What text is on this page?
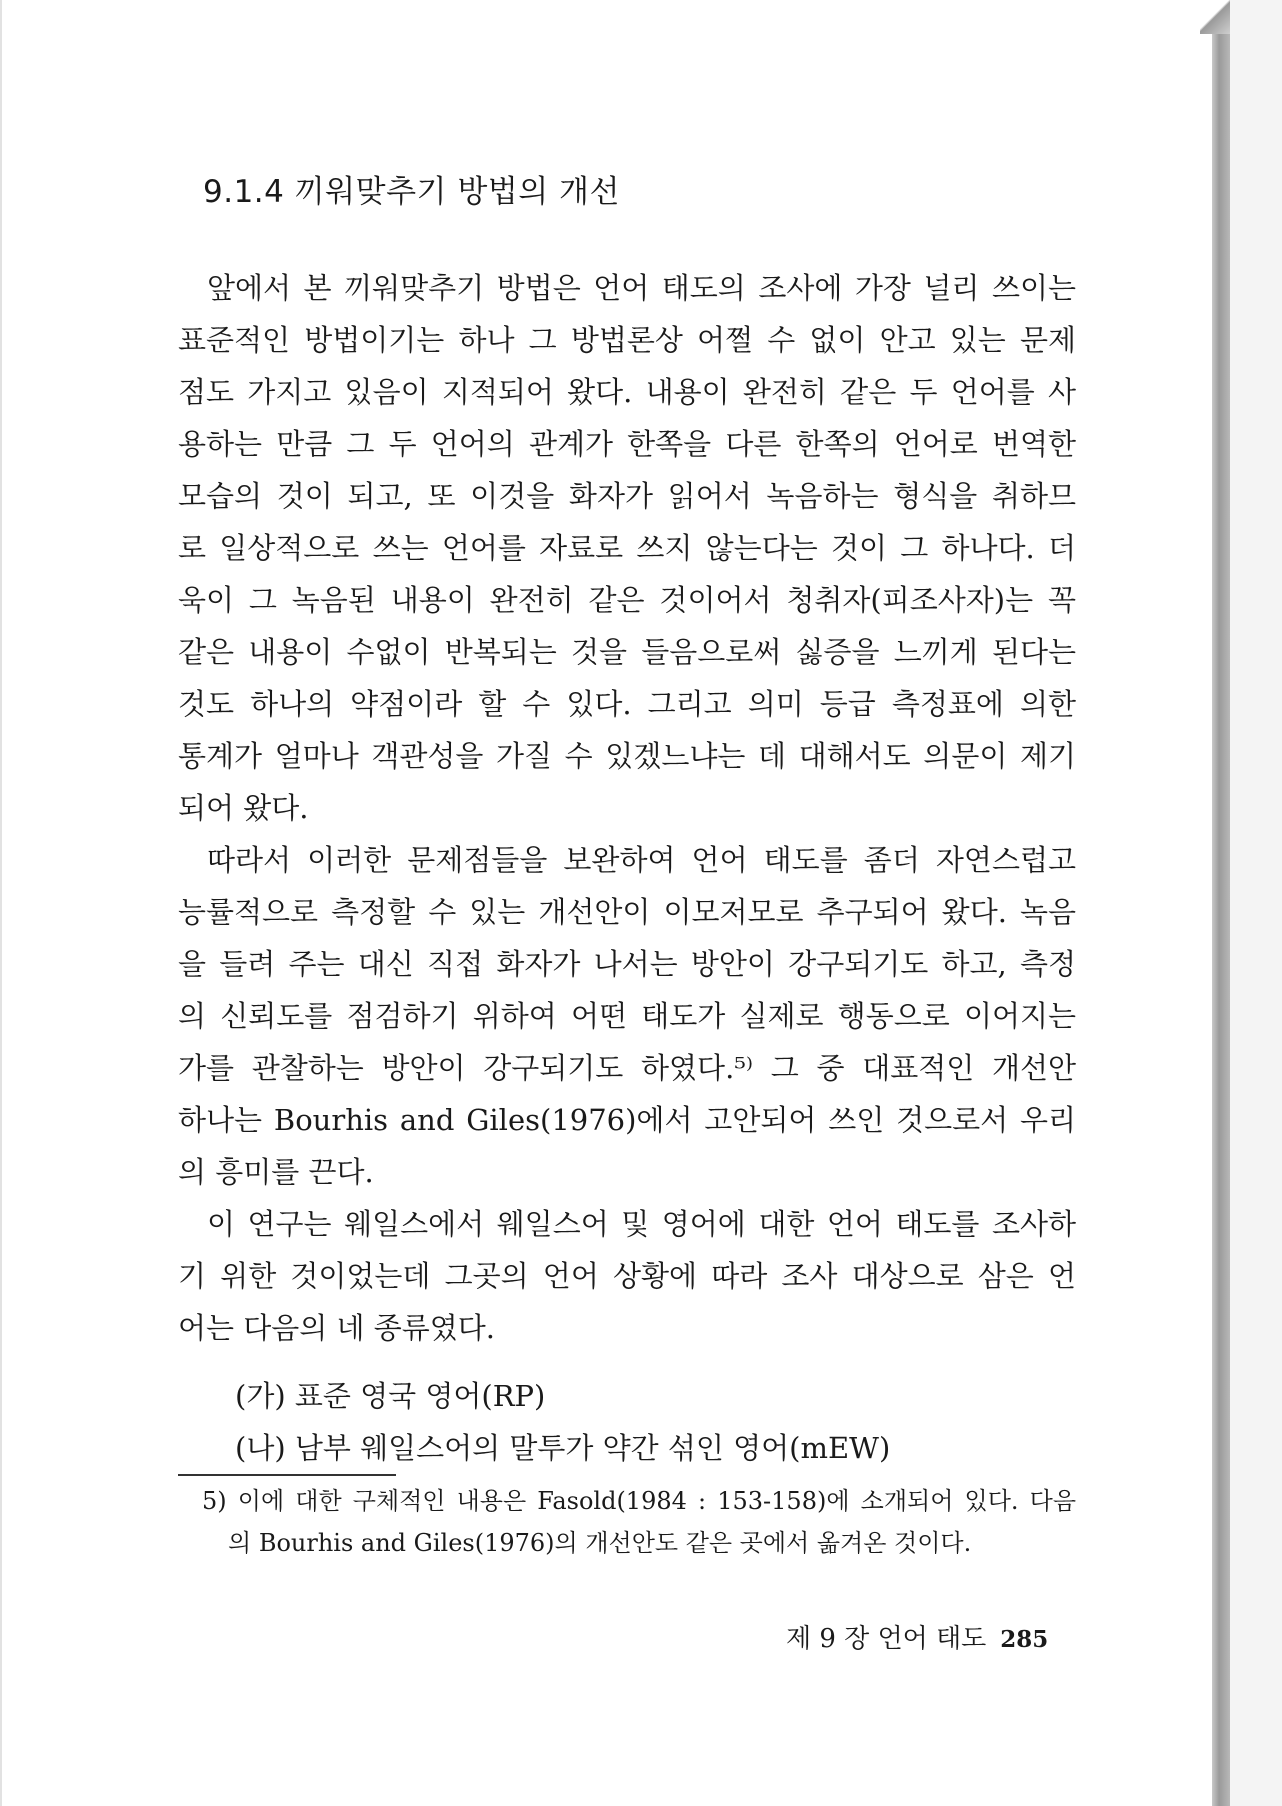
9.1.4 끼워맞추기 방법의 개선
앞에서 본 끼워맞추기 방법은 언어 태도의 조사에 가장 널리 쓰이는
표준적인 방법이기는 하나 그 방법론상 어쩔 수 없이 안고 있는 문제
점도 가지고 있음이 지적되어 왔다. 내용이 완전히 같은 두 언어를 사
용하는 만큼 그 두 언어의 관계가 한쪽을 다른 한쪽의 언어로 번역한
모습의 것이 되고, 또 이것을 화자가 읽어서 녹음하는 형식을 취하므
로 일상적으로 쓰는 언어를 자료로 쓰지 않는다는 것이 그 하나다. 더
욱이 그 녹음된 내용이 완전히 같은 것이어서 청취자(피조사자)는 꼭
같은 내용이 수없이 반복되는 것을 들음으로써 싫증을 느끼게 된다는
것도 하나의 약점이라 할 수 있다. 그리고 의미 등급 측정표에 의한
통계가 얼마나 객관성을 가질 수 있겠느냐는 데 대해서도 의문이 제기
되어 왔다.
따라서 이러한 문제점들을 보완하여 언어 태도를 좀더 자연스럽고
능률적으로 측정할 수 있는 개선안이 이모저모로 추구되어 왔다. 녹음
을 들려 주는 대신 직접 화자가 나서는 방안이 강구되기도 하고, 측정
의 신뢰도를 점검하기 위하여 어떤 태도가 실제로 행동으로 이어지는
가를 관찰하는 방안이 강구되기도 하였다.⁵⁾ 그 중 대표적인 개선안
하나는 Bourhis and Giles(1976)에서 고안되어 쓰인 것으로서 우리
의 흥미를 끈다.
이 연구는 웨일스에서 웨일스어 및 영어에 대한 언어 태도를 조사하
기 위한 것이었는데 그곳의 언어 상황에 따라 조사 대상으로 삼은 언
어는 다음의 네 종류였다.
(가) 표준 영국 영어(RP)
(나) 남부 웨일스어의 말투가 약간 섞인 영어(mEW)
5) 이에 대한 구체적인 내용은 Fasold(1984 : 153-158)에 소개되어 있다. 다음
의 Bourhis and Giles(1976)의 개선안도 같은 곳에서 옮겨온 것이다.
제 9 장 언어 태도 285
